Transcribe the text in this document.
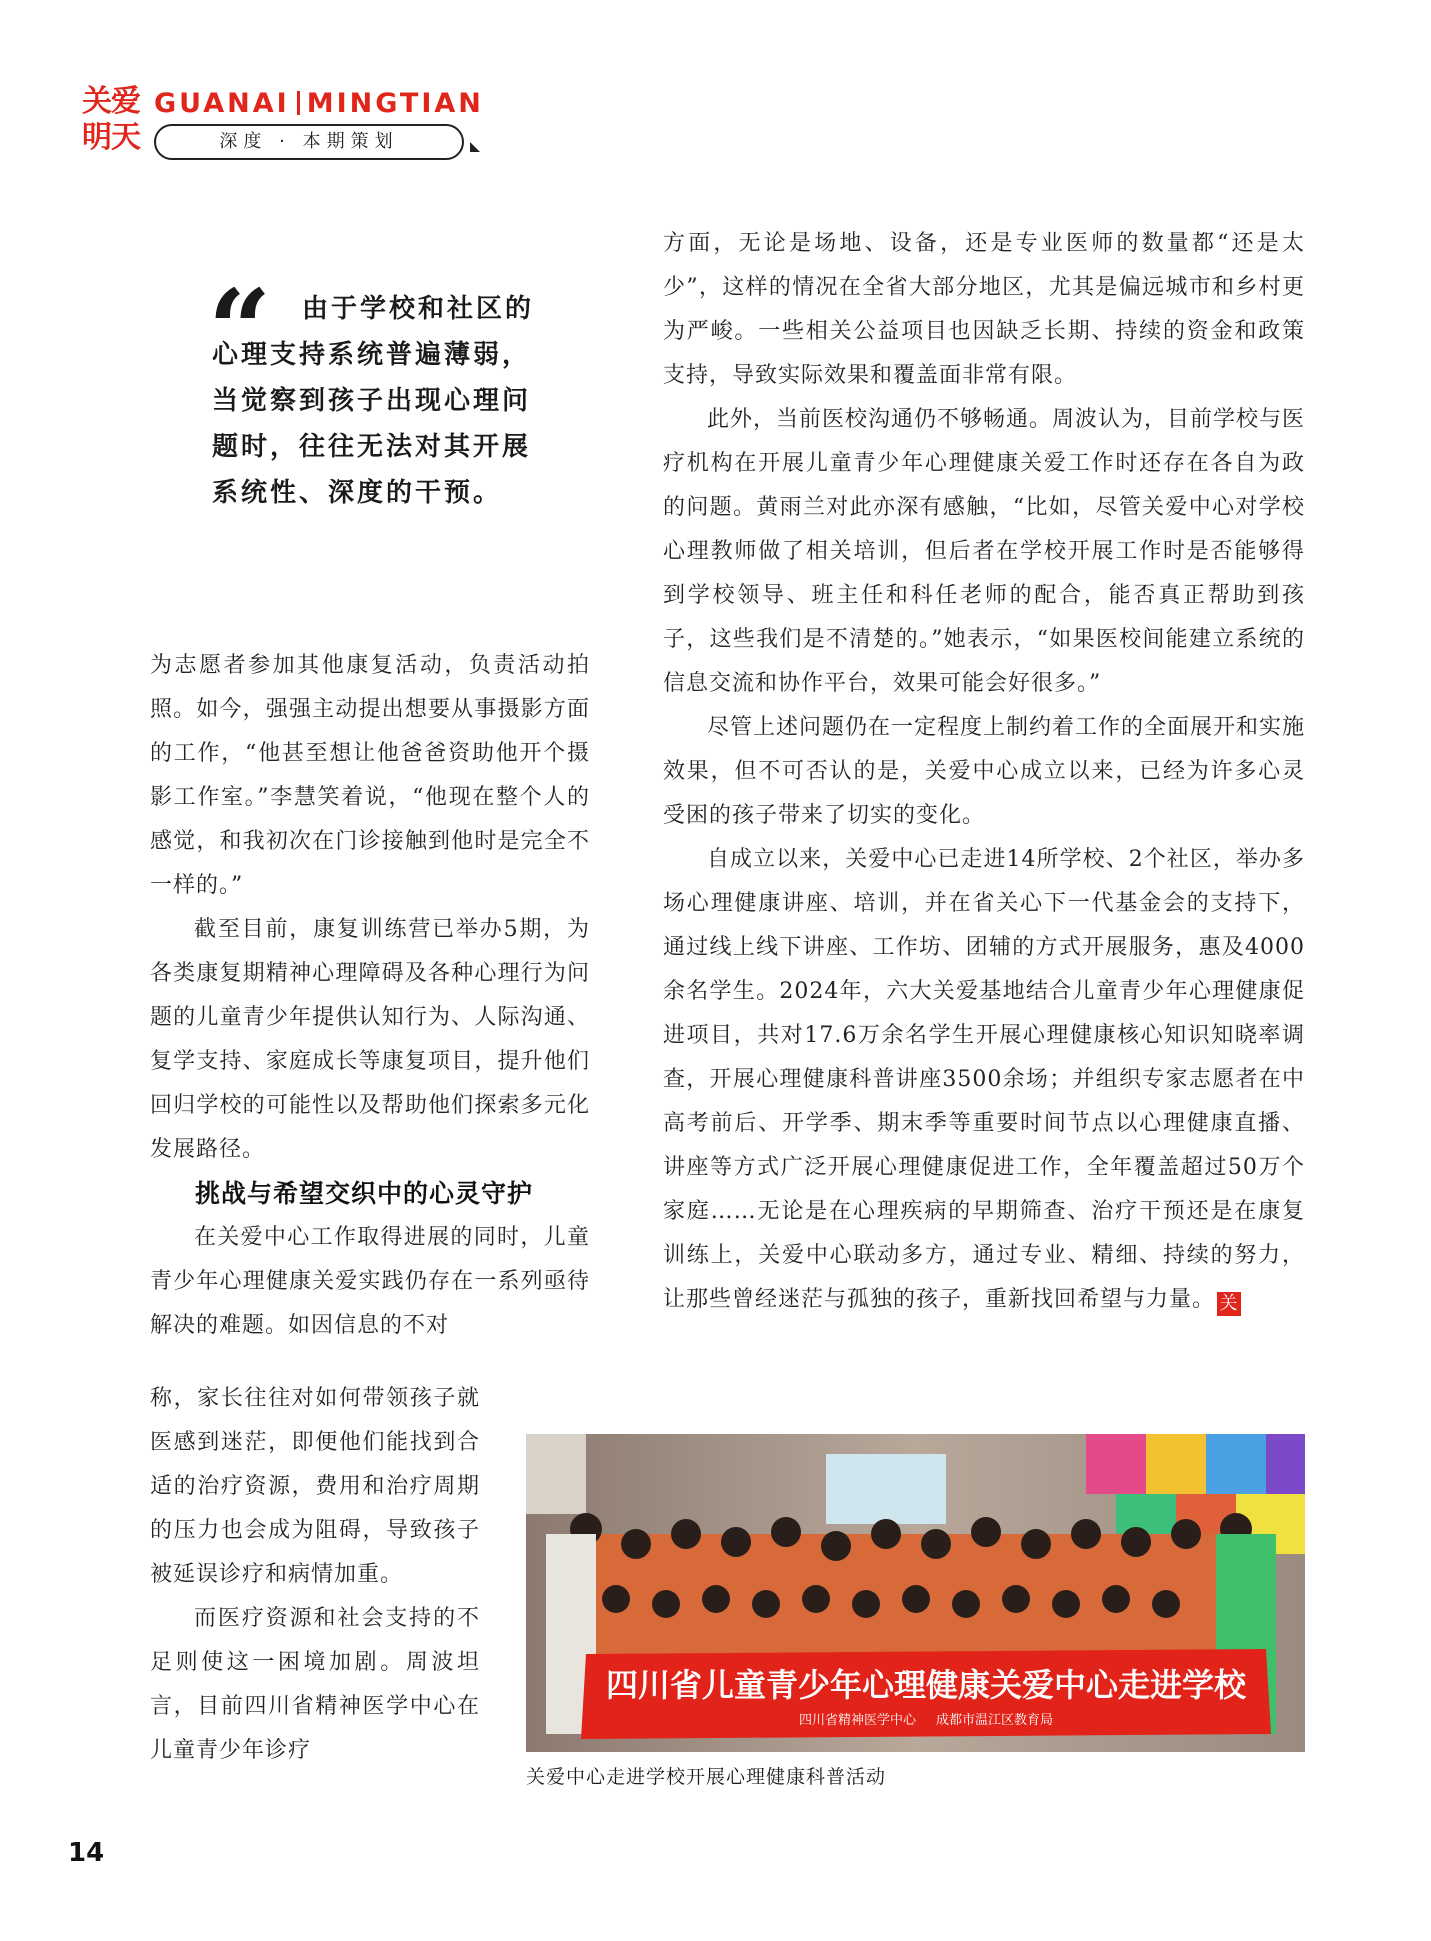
关爱明天
GUANAI MINGTIAN
深度 · 本期策划
“	由于学校和社区的心理支持系统普遍薄弱，当觉察到孩子出现心理问题时，往往无法对其开展系统性、深度的干预。

为志愿者参加其他康复活动，负责活动拍照。如今，强强主动提出想要从事摄影方面的工作，“他甚至想让他爸爸资助他开个摄影工作室。”李慧笑着说，“他现在整个人的感觉，和我初次在门诊接触到他时是完全不一样的。”

截至目前，康复训练营已举办5期，为各类康复期精神心理障碍及各种心理行为问题的儿童青少年提供认知行为、人际沟通、复学支持、家庭成长等康复项目，提升他们回归学校的可能性以及帮助他们探索多元化发展路径。

挑战与希望交织中的心灵守护

在关爱中心工作取得进展的同时，儿童青少年心理健康关爱实践仍存在一系列亟待解决的难题。如因信息的不对

称，家长往往对如何带领孩子就医感到迷茫，即便他们能找到合适的治疗资源，费用和治疗周期的压力也会成为阻碍，导致孩子被延误诊疗和病情加重。

而医疗资源和社会支持的不足则使这一困境加剧。周波坦言，目前四川省精神医学中心在儿童青少年诊疗

方面，无论是场地、设备，还是专业医师的数量都“还是太少”，这样的情况在全省大部分地区，尤其是偏远城市和乡村更为严峻。一些相关公益项目也因缺乏长期、持续的资金和政策支持，导致实际效果和覆盖面非常有限。

此外，当前医校沟通仍不够畅通。周波认为，目前学校与医疗机构在开展儿童青少年心理健康关爱工作时还存在各自为政的问题。黄雨兰对此亦深有感触，“比如，尽管关爱中心对学校心理教师做了相关培训，但后者在学校开展工作时是否能够得到学校领导、班主任和科任老师的配合，能否真正帮助到孩子，这些我们是不清楚的。”她表示，“如果医校间能建立系统的信息交流和协作平台，效果可能会好很多。”

尽管上述问题仍在一定程度上制约着工作的全面展开和实施效果，但不可否认的是，关爱中心成立以来，已经为许多心灵受困的孩子带来了切实的变化。

自成立以来，关爱中心已走进14所学校、2个社区，举办多场心理健康讲座、培训，并在省关心下一代基金会的支持下，通过线上线下讲座、工作坊、团辅的方式开展服务，惠及4000余名学生。2024年，六大关爱基地结合儿童青少年心理健康促进项目，共对17.6万余名学生开展心理健康核心知识知晓率调查，开展心理健康科普讲座3500余场；并组织专家志愿者在中高考前后、开学季、期末季等重要时间节点以心理健康直播、讲座等方式广泛开展心理健康促进工作，全年覆盖超过50万个家庭……无论是在心理疾病的早期筛查、治疗干预还是在康复训练上，关爱中心联动多方，通过专业、精细、持续的努力，让那些曾经迷茫与孤独的孩子，重新找回希望与力量。 关

四川省儿童青少年心理健康关爱中心走进学校
四川省精神医学中心 成都市温江区教育局
关爱中心走进学校开展心理健康科普活动
14
